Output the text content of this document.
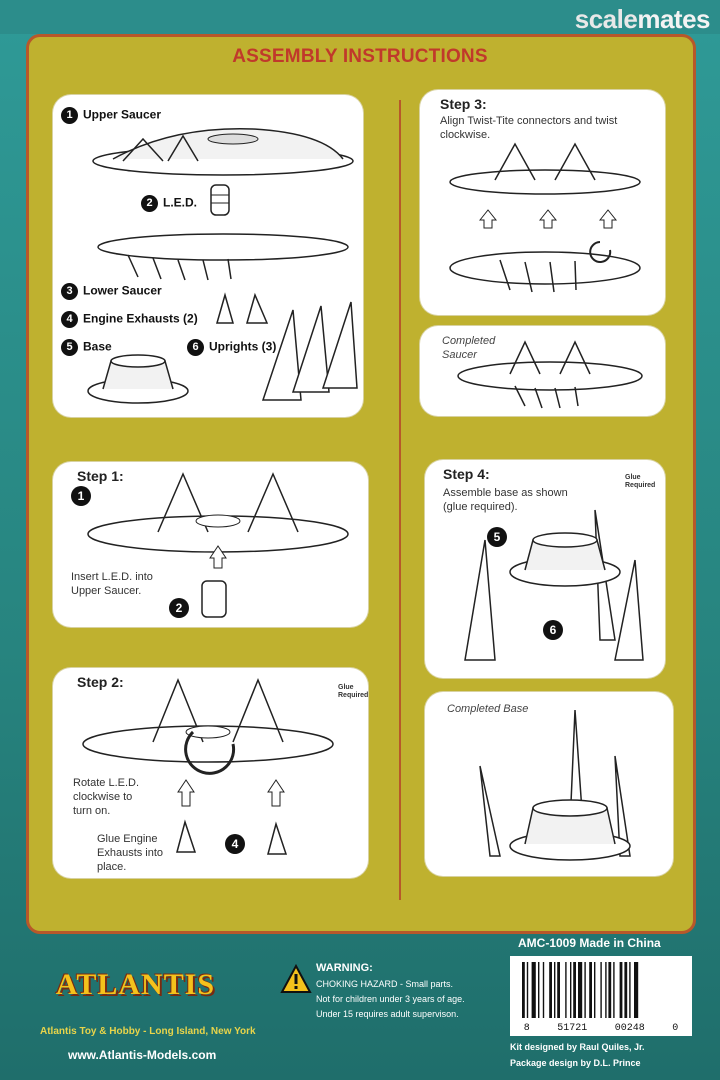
scalemates
ASSEMBLY INSTRUCTIONS
1 Upper Saucer
2 L.E.D.
3 Lower Saucer
4 Engine Exhausts (2)
5 Base	6 Uprights (3)
Step 3:
Align Twist-Tite connectors and twist
clockwise.
Completed
Saucer
Step 1:
1
Insert L.E.D. into
Upper Saucer.
2
Step 4:
Assemble base as shown
(glue required).
Glue
Required
5
6
Step 2:	Glue
Required
Rotate L.E.D.
clockwise to
turn on.
Glue Engine
Exhausts into
place.
4
Completed Base
ATLANTIS
Atlantis Toy & Hobby - Long Island, New York
www.Atlantis-Models.com
WARNING:
CHOKING HAZARD - Small parts.
Not for children under 3 years of age.
Under 15 requires adult supervison.
AMC-1009 Made in China
8	51721	00248	0
Kit designed by Raul Quiles, Jr.
Package design by D.L. Prince
